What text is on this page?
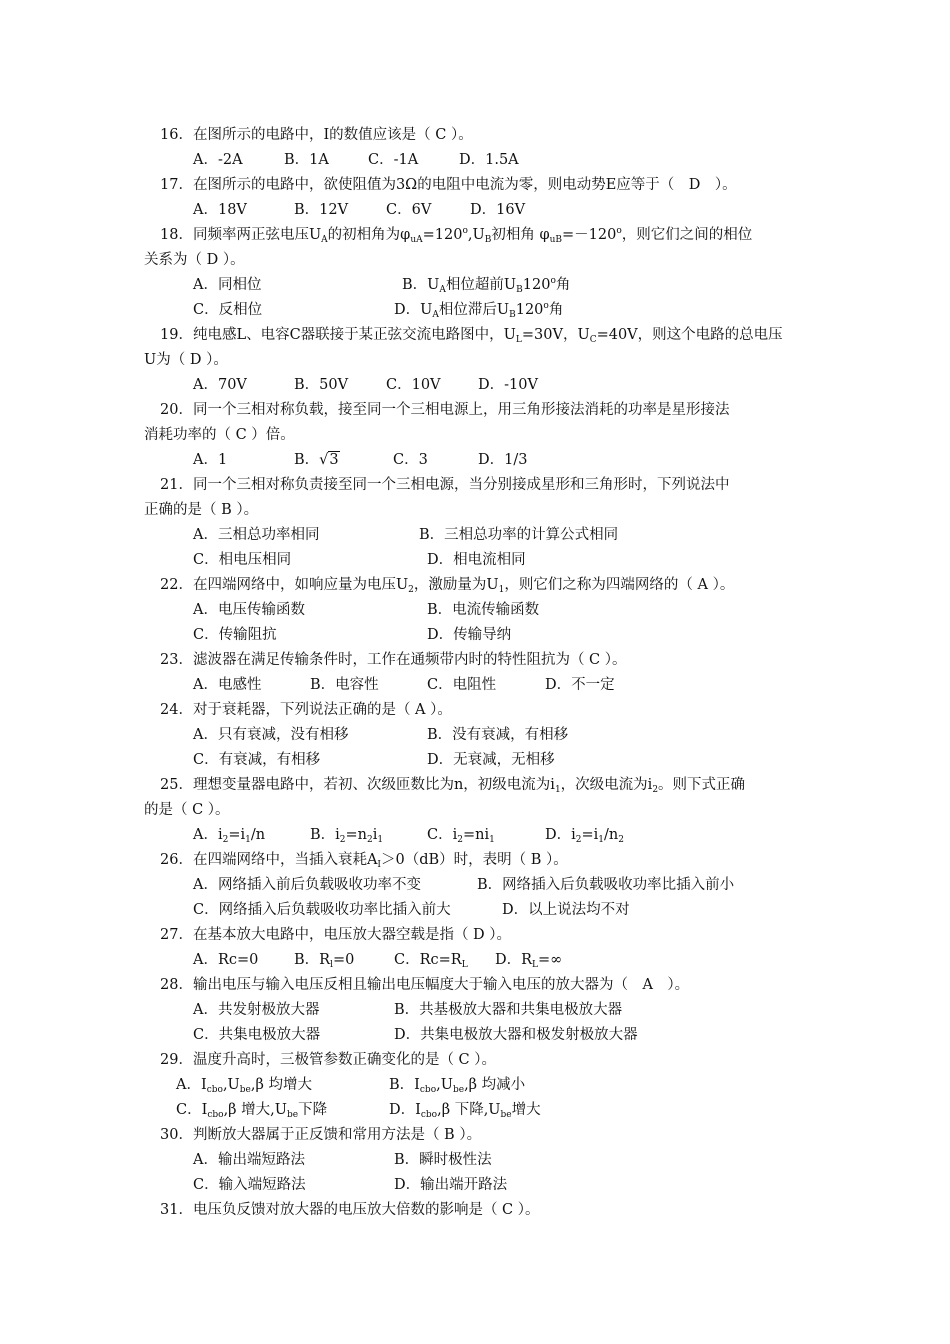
16．在图所示的电路中，I的数值应该是（ C ）。
A．-2A	B．1A	C．-1A	D．1.5A
17．在图所示的电路中，欲使阻值为3Ω的电阻中电流为零，则电动势E应等于（　D　）。
A．18V	B．12V	C．6V	D．16V
18．同频率两正弦电压$U_A$的初相角为$\varphi_{uA}=120^o,U_B$初相角 $\varphi_{uB}=-120^o$，则它们之间的相位
关系为（ D ）。
A．同相位	B．$U_A$相位超前$U_B120^o$角
C．反相位	D．$U_A$相位滞后$U_B120^o$角
19．纯电感L、电容C器联接于某正弦交流电路图中，$U_L=30V$，$U_C=40V$，则这个电路的总电压
U为（ D ）。
A．70V	B．50V	C．10V	D．-10V
20．同一个三相对称负载，接至同一个三相电源上，用三角形接法消耗的功率是星形接法
消耗功率的（ C ）倍。
A．1	B．√3	C．3	D．1/3
21．同一个三相对称负责接至同一个三相电源，当分别接成星形和三角形时，下列说法中
正确的是（ B ）。
A．三相总功率相同	B．三相总功率的计算公式相同
C．相电压相同	D．相电流相同
22．在四端网络中，如响应量为电压$U_2$，激励量为$U_1$，则它们之称为四端网络的（ A ）。
A．电压传输函数	B．电流传输函数
C．传输阻抗	D．传输导纳
23．滤波器在满足传输条件时，工作在通频带内时的特性阻抗为（ C ）。
A．电感性	B．电容性	C．电阻性	D．不一定
24．对于衰耗器，下列说法正确的是（ A ）。
A．只有衰减，没有相移	B．没有衰减，有相移
C．有衰减，有相移	D．无衰减，无相移
25．理想变量器电路中，若初、次级匝数比为n，初级电流为$i_1$，次级电流为$i_2$。则下式正确
的是（ C ）。
A．$i_2=i_1/n$	B．$i_2=n_2i_1$	C．$i_2=ni_1$	D．$i_2=i_1/n_2$
26．在四端网络中，当插入衰耗$A_I>0(dB)$时，表明（ B ）。
A．网络插入前后负载吸收功率不变	B．网络插入后负载吸收功率比插入前小
C．网络插入后负载吸收功率比插入前大	D．以上说法均不对
27．在基本放大电路中，电压放大器空载是指（ D ）。
A．Rc=0 B．$R_l=0$	C．$Rc=R_L$ D．$R_L=\infty$
28．输出电压与输入电压反相且输出电压幅度大于输入电压的放大器为（　A　）。
A．共发射极放大器	B．共基极放大器和共集电极放大器
C．共集电极放大器	D．共集电极放大器和极发射极放大器
29．温度升高时，三极管参数正确变化的是（ C ）。
A．$I_{cbo},U_{be},\beta$ 均增大	B．$I_{cbo},U_{be},\beta$ 均减小
C．$I_{cbo},\beta$ 增大$,U_{be}$下降	D．$I_{cbo},\beta$ 下降$,U_{be}$增大
30．判断放大器属于正反馈和常用方法是（ B ）。
A．输出端短路法	B．瞬时极性法
C．输入端短路法	D．输出端开路法
31．电压负反馈对放大器的电压放大倍数的影响是（ C ）。
